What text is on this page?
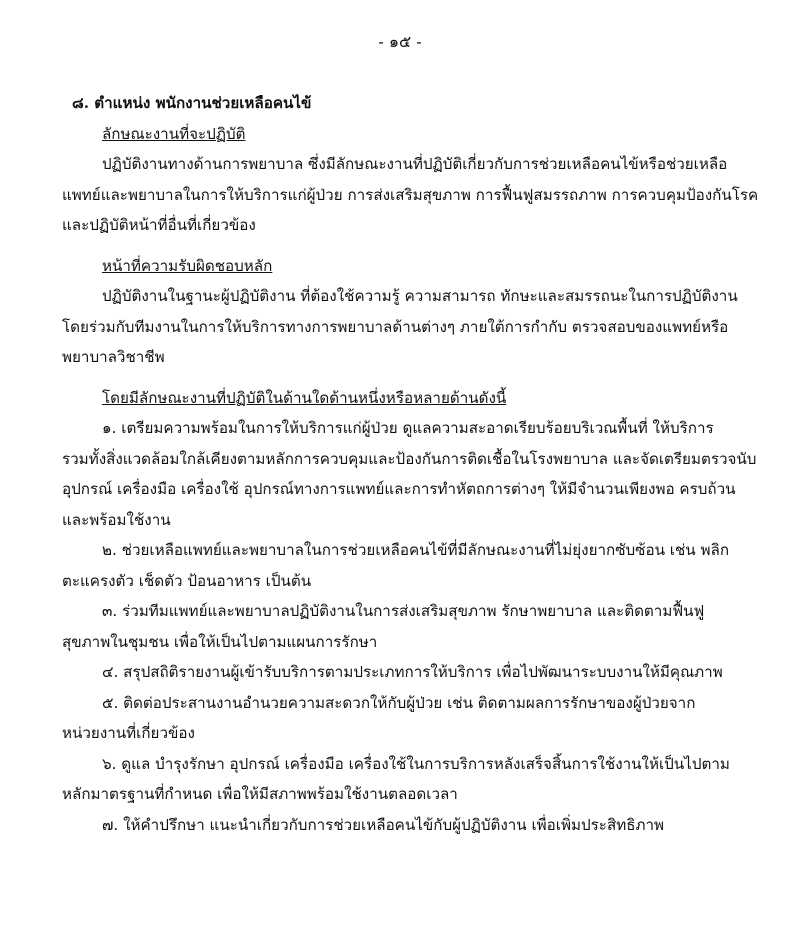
- ๑๕ -

๘. ตำแหน่ง พนักงานช่วยเหลือคนไข้

ลักษณะงานที่จะปฏิบัติ

ปฏิบัติงานทางด้านการพยาบาล ซึ่งมีลักษณะงานที่ปฏิบัติเกี่ยวกับการช่วยเหลือคนไข้หรือช่วยเหลือ
แพทย์และพยาบาลในการให้บริการแก่ผู้ป่วย การส่งเสริมสุขภาพ การฟื้นฟูสมรรถภาพ การควบคุมป้องกันโรค
และปฏิบัติหน้าที่อื่นที่เกี่ยวข้อง

หน้าที่ความรับผิดชอบหลัก

ปฏิบัติงานในฐานะผู้ปฏิบัติงาน ที่ต้องใช้ความรู้ ความสามารถ ทักษะและสมรรถนะในการปฏิบัติงาน
โดยร่วมกับทีมงานในการให้บริการทางการพยาบาลด้านต่างๆ ภายใต้การกำกับ ตรวจสอบของแพทย์หรือ
พยาบาลวิชาชีพ

โดยมีลักษณะงานที่ปฏิบัติในด้านใดด้านหนึ่งหรือหลายด้านดังนี้

๑. เตรียมความพร้อมในการให้บริการแก่ผู้ป่วย ดูแลความสะอาดเรียบร้อยบริเวณพื้นที่ ให้บริการ
รวมทั้งสิ่งแวดล้อมใกล้เคียงตามหลักการควบคุมและป้องกันการติดเชื้อในโรงพยาบาล และจัดเตรียมตรวจนับ
อุปกรณ์ เครื่องมือ เครื่องใช้ อุปกรณ์ทางการแพทย์และการทำหัตถการต่างๆ ให้มีจำนวนเพียงพอ ครบถ้วน
และพร้อมใช้งาน
๒. ช่วยเหลือแพทย์และพยาบาลในการช่วยเหลือคนไข้ที่มีลักษณะงานที่ไม่ยุ่งยากซับซ้อน เช่น พลิก
ตะแครงตัว เช็ดตัว ป้อนอาหาร เป็นต้น
๓. ร่วมทีมแพทย์และพยาบาลปฏิบัติงานในการส่งเสริมสุขภาพ รักษาพยาบาล และติดตามฟื้นฟู
สุขภาพในชุมชน เพื่อให้เป็นไปตามแผนการรักษา
๔. สรุปสถิติรายงานผู้เข้ารับบริการตามประเภทการให้บริการ เพื่อไปพัฒนาระบบงานให้มีคุณภาพ
๕. ติดต่อประสานงานอำนวยความสะดวกให้กับผู้ป่วย เช่น ติดตามผลการรักษาของผู้ป่วยจาก
หน่วยงานที่เกี่ยวข้อง
๖. ดูแล บำรุงรักษา อุปกรณ์ เครื่องมือ เครื่องใช้ในการบริการหลังเสร็จสิ้นการใช้งานให้เป็นไปตาม
หลักมาตรฐานที่กำหนด เพื่อให้มีสภาพพร้อมใช้งานตลอดเวลา
๗. ให้คำปรึกษา แนะนำเกี่ยวกับการช่วยเหลือคนไข้กับผู้ปฏิบัติงาน เพื่อเพิ่มประสิทธิภาพ
